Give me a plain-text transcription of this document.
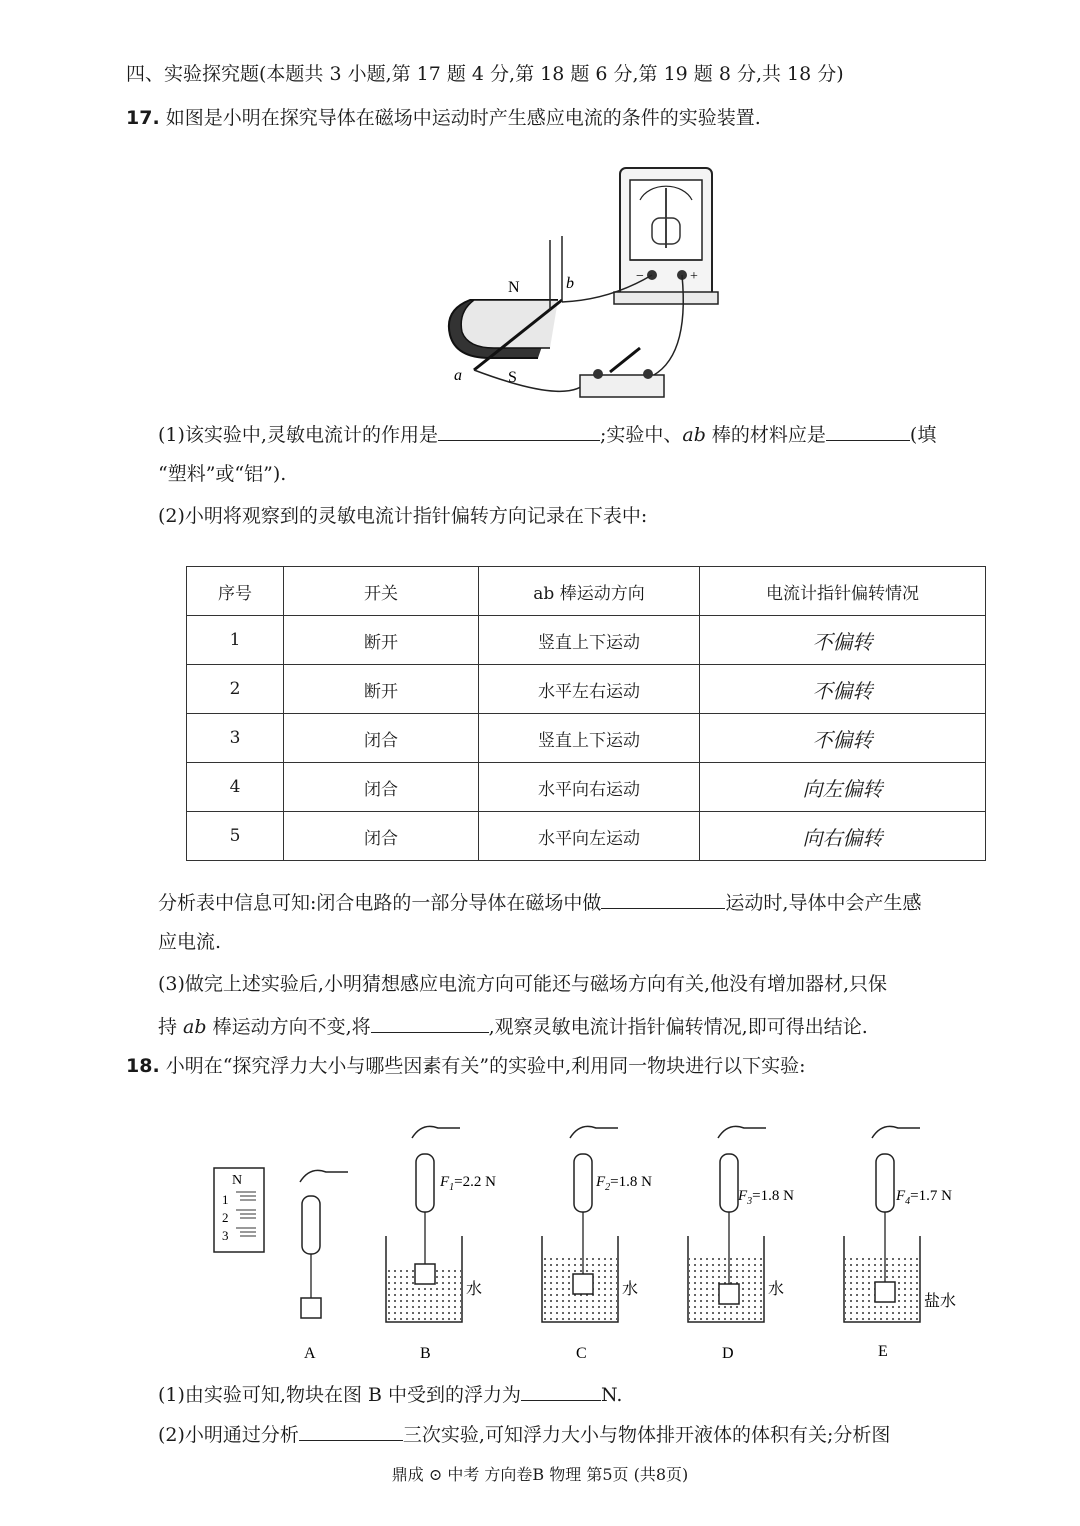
四、实验探究题(本题共 3 小题,第 17 题 4 分,第 18 题 6 分,第 19 题 8 分,共 18 分)
17. 如图是小明在探究导体在磁场中运动时产生感应电流的条件的实验装置.
−	+
N
S
a
b
(1)该实验中,灵敏电流计的作用是	;实验中、ab 棒的材料应是	(填
“塑料”或“铝”).
(2)小明将观察到的灵敏电流计指针偏转方向记录在下表中:
序号	开关	ab 棒运动方向	电流计指针偏转情况
1	断开	竖直上下运动	不偏转
2	断开	水平左右运动	不偏转
3	闭合	竖直上下运动	不偏转
4	闭合	水平向右运动	向左偏转
5	闭合	水平向左运动	向右偏转
分析表中信息可知:闭合电路的一部分导体在磁场中做	运动时,导体中会产生感
应电流.
(3)做完上述实验后,小明猜想感应电流方向可能还与磁场方向有关,他没有增加器材,只保
持 ab 棒运动方向不变,将	,观察灵敏电流计指针偏转情况,即可得出结论.
18. 小明在“探究浮力大小与哪些因素有关”的实验中,利用同一物块进行以下实验:
N
1
2
3
A
$F_1=2.2$ N
水
B
$F_2=1.8$ N
水
C
$F_3=1.8$ N
水
D
$F_4=1.7$ N
盐水
E
(1)由实验可知,物块在图 B 中受到的浮力为	N.
(2)小明通过分析	三次实验,可知浮力大小与物体排开液体的体积有关;分析图
鼎成 ⊙ 中考 方向卷B 物理 第5页 (共8页)
